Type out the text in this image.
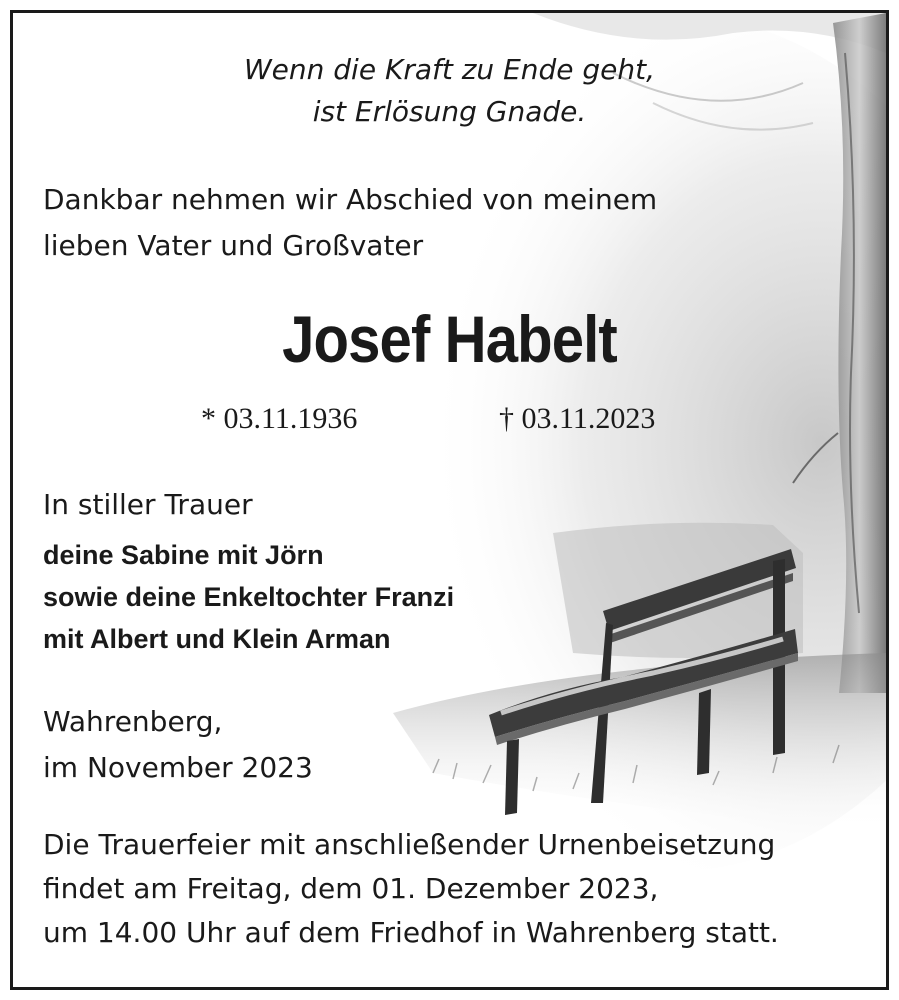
Wenn die Kraft zu Ende geht,
ist Erlösung Gnade.
Dankbar nehmen wir Abschied von meinem
lieben Vater und Großvater
Josef Habelt
* 03.11.1936	† 03.11.2023
In stiller Trauer
deine Sabine mit Jörn
sowie deine Enkeltochter Franzi
mit Albert und Klein Arman
Wahrenberg,
im November 2023
Die Trauerfeier mit anschließender Urnenbeisetzung
findet am Freitag, dem 01. Dezember 2023,
um 14.00 Uhr auf dem Friedhof in Wahrenberg statt.
